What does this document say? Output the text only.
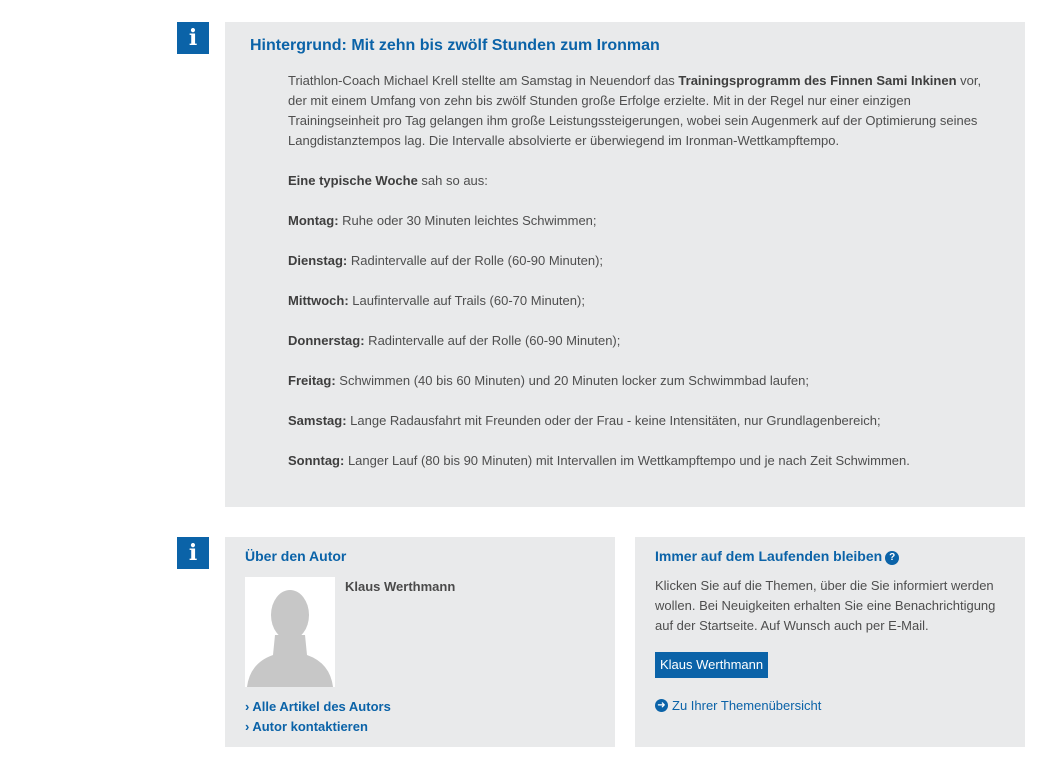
i	Hintergrund: Mit zehn bis zwölf Stunden zum Ironman

Triathlon-Coach Michael Krell stellte am Samstag in Neuendorf das Trainingsprogramm des Finnen Sami Inkinen vor, der mit einem Umfang von zehn bis zwölf Stunden große Erfolge erzielte. Mit in der Regel nur einer einzigen Trainingseinheit pro Tag gelangen ihm große Leistungssteigerungen, wobei sein Augenmerk auf der Optimierung seines Langdistanztempos lag. Die Intervalle absolvierte er überwiegend im Ironman-Wettkampftempo.

Eine typische Woche sah so aus:

Montag: Ruhe oder 30 Minuten leichtes Schwimmen;

Dienstag: Radintervalle auf der Rolle (60-90 Minuten);

Mittwoch: Laufintervalle auf Trails (60-70 Minuten);

Donnerstag: Radintervalle auf der Rolle (60-90 Minuten);

Freitag: Schwimmen (40 bis 60 Minuten) und 20 Minuten locker zum Schwimmbad laufen;

Samstag: Lange Radausfahrt mit Freunden oder der Frau - keine Intensitäten, nur Grundlagenbereich;

Sonntag: Langer Lauf (80 bis 90 Minuten) mit Intervallen im Wettkampftempo und je nach Zeit Schwimmen.

i	Über den Autor
Klaus Werthmann
› Alle Artikel des Autors
› Autor kontaktieren
Immer auf dem Laufenden bleiben ?
Klicken Sie auf die Themen, über die Sie informiert werden wollen. Bei Neuigkeiten erhalten Sie eine Benachrichtigung auf der Startseite. Auf Wunsch auch per E-Mail.
Klaus Werthmann
➜ Zu Ihrer Themenübersicht
